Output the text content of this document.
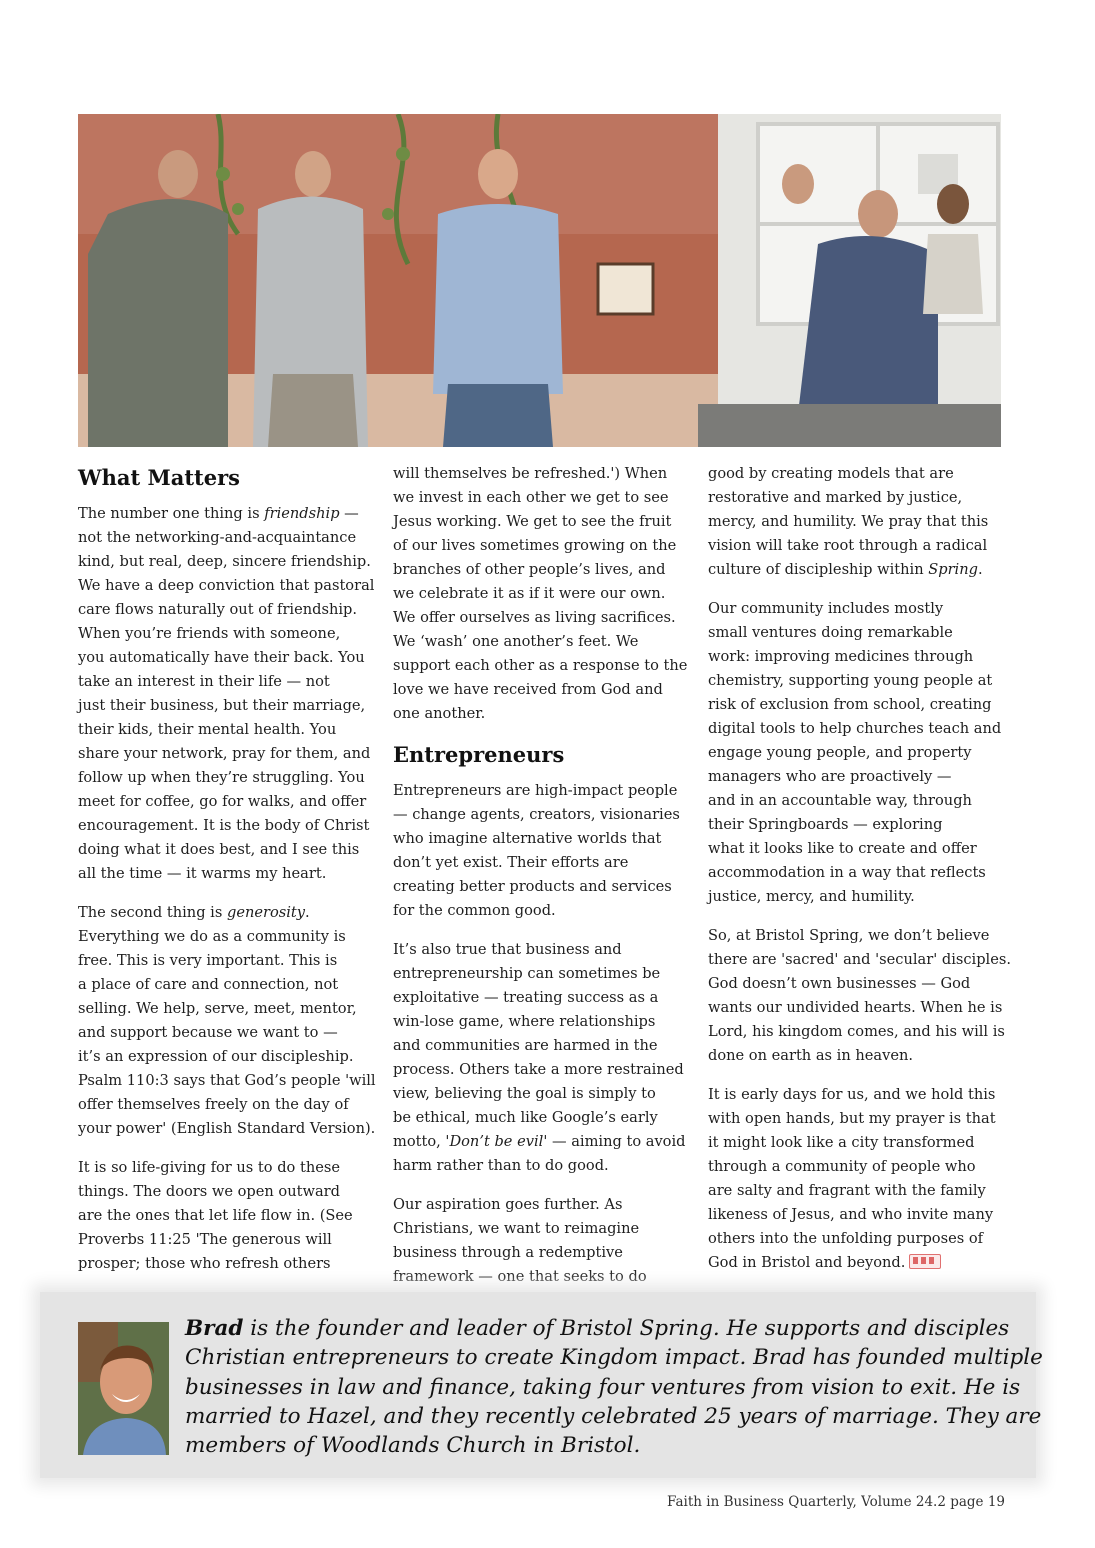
What Matters

The number one thing is friendship —
not the networking-and-acquaintance
kind, but real, deep, sincere friendship.
We have a deep conviction that pastoral
care flows naturally out of friendship.
When you’re friends with someone,
you automatically have their back. You
take an interest in their life — not
just their business, but their marriage,
their kids, their mental health. You
share your network, pray for them, and
follow up when they’re struggling. You
meet for coffee, go for walks, and offer
encouragement. It is the body of Christ
doing what it does best, and I see this
all the time — it warms my heart.

The second thing is generosity.
Everything we do as a community is
free. This is very important. This is
a place of care and connection, not
selling. We help, serve, meet, mentor,
and support because we want to —
it’s an expression of our discipleship.
Psalm 110:3 says that God’s people 'will
offer themselves freely on the day of
your power' (English Standard Version).

It is so life-giving for us to do these
things. The doors we open outward
are the ones that let life flow in. (See
Proverbs 11:25 'The generous will
prosper; those who refresh others

will themselves be refreshed.') When
we invest in each other we get to see
Jesus working. We get to see the fruit
of our lives sometimes growing on the
branches of other people’s lives, and
we celebrate it as if it were our own.
We offer ourselves as living sacrifices.
We ‘wash’ one another’s feet. We
support each other as a response to the
love we have received from God and
one another.

Entrepreneurs

Entrepreneurs are high-impact people
— change agents, creators, visionaries
who imagine alternative worlds that
don’t yet exist. Their efforts are
creating better products and services
for the common good.

It’s also true that business and
entrepreneurship can sometimes be
exploitative — treating success as a
win-lose game, where relationships
and communities are harmed in the
process. Others take a more restrained
view, believing the goal is simply to
be ethical, much like Google’s early
motto, 'Don’t be evil' — aiming to avoid
harm rather than to do good.

Our aspiration goes further. As
Christians, we want to reimagine
business through a redemptive
framework — one that seeks to do

good by creating models that are
restorative and marked by justice,
mercy, and humility. We pray that this
vision will take root through a radical
culture of discipleship within Spring.

Our community includes mostly
small ventures doing remarkable
work: improving medicines through
chemistry, supporting young people at
risk of exclusion from school, creating
digital tools to help churches teach and
engage young people, and property
managers who are proactively —
and in an accountable way, through
their Springboards — exploring
what it looks like to create and offer
accommodation in a way that reflects
justice, mercy, and humility.

So, at Bristol Spring, we don’t believe
there are 'sacred' and 'secular' disciples.
God doesn’t own businesses — God
wants our undivided hearts. When he is
Lord, his kingdom comes, and his will is
done on earth as in heaven.

It is early days for us, and we hold this
with open hands, but my prayer is that
it might look like a city transformed
through a community of people who
are salty and fragrant with the family
likeness of Jesus, and who invite many
others into the unfolding purposes of
God in Bristol and beyond.

Brad is the founder and leader of Bristol Spring. He supports and disciples
Christian entrepreneurs to create Kingdom impact. Brad has founded multiple
businesses in law and finance, taking four ventures from vision to exit. He is
married to Hazel, and they recently celebrated 25 years of marriage. They are
members of Woodlands Church in Bristol.
Faith in Business Quarterly, Volume 24.2 page 19
